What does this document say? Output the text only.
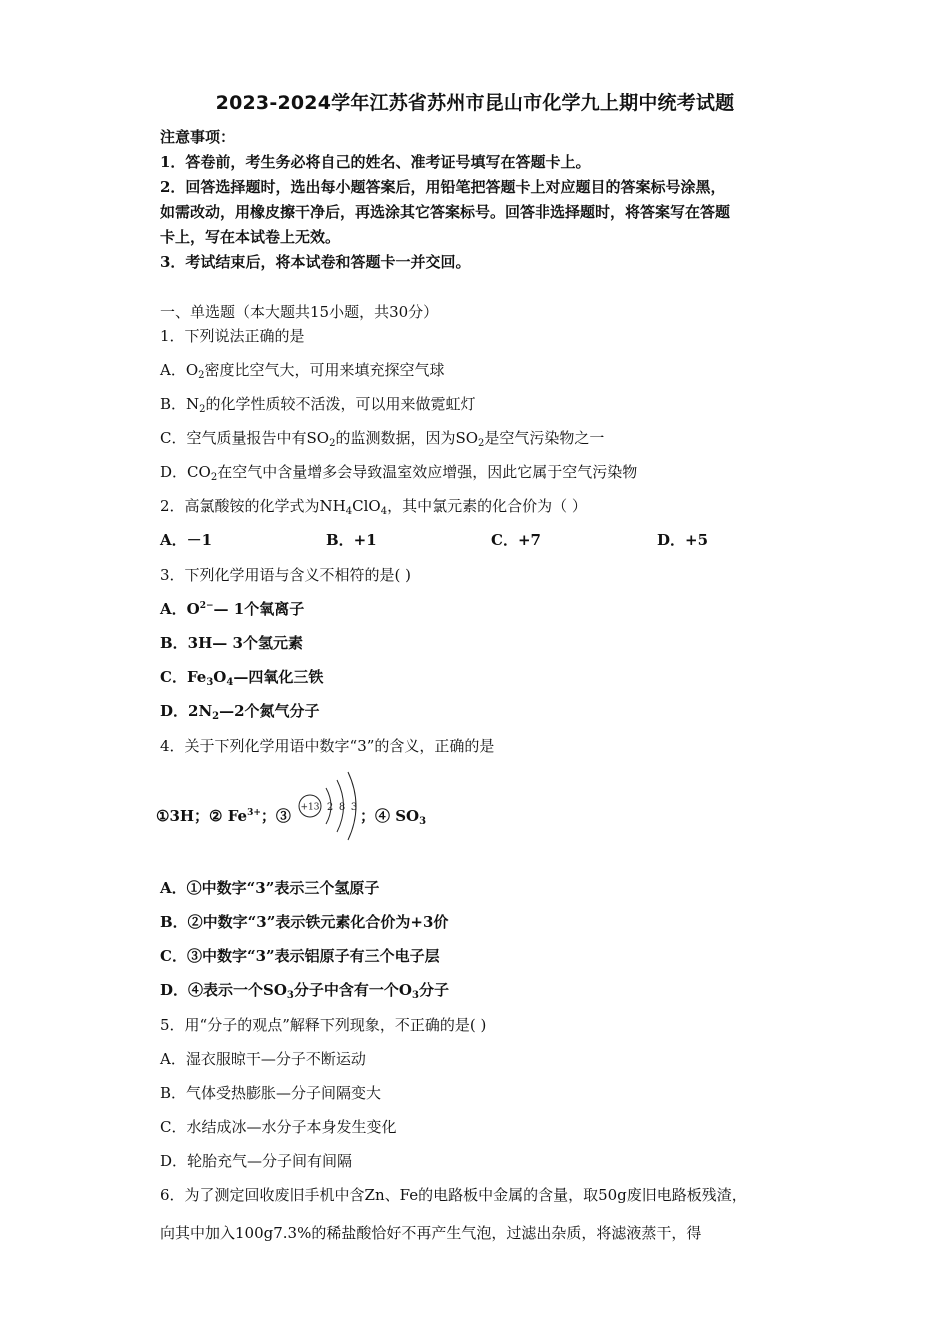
2023-2024学年江苏省苏州市昆山市化学九上期中统考试题
注意事项：
1．答卷前，考生务必将自己的姓名、准考证号填写在答题卡上。
2．回答选择题时，选出每小题答案后，用铅笔把答题卡上对应题目的答案标号涂黑，
如需改动，用橡皮擦干净后，再选涂其它答案标号。回答非选择题时，将答案写在答题
卡上，写在本试卷上无效。
3．考试结束后，将本试卷和答题卡一并交回。
一、单选题（本大题共15小题，共30分）
1．下列说法正确的是
A．$O_2$密度比空气大，可用来填充探空气球
B．$N_2$的化学性质较不活泼，可以用来做霓虹灯
C．空气质量报告中有$SO_2$的监测数据，因为$SO_2$是空气污染物之一
D．$CO_2$在空气中含量增多会导致温室效应增强，因此它属于空气污染物
2．高氯酸铵的化学式为$NH_4ClO_4$，其中氯元素的化合价为（ ）
A．－1	B．+1	C．+7	D．+5
3．下列化学用语与含义不相符的是( )
A．$O^{2-}—$ 1个氧离子
B．3H— 3个氢元素
C．$Fe_3O_4—$四氧化三铁
D．$2N_2—2$个氮气分子
4．关于下列化学用语中数字“3”的含义，正确的是
①3H；② $Fe^{3+}$；③ +13 2 8 3 ；④ $SO_3$
A．①中数字“3”表示三个氢原子
B．②中数字“3”表示铁元素化合价为+3价
C．③中数字“3”表示铝原子有三个电子层
D．④表示一个$SO_3$分子中含有一个$O_3$分子
5．用“分子的观点”解释下列现象，不正确的是( )
A．湿衣服晾干—分子不断运动
B．气体受热膨胀—分子间隔变大
C．水结成冰—水分子本身发生变化
D．轮胎充气—分子间有间隔
6．为了测定回收废旧手机中含Zn、Fe的电路板中金属的含量，取50g废旧电路板残渣，
向其中加入100g7.3%的稀盐酸恰好不再产生气泡，过滤出杂质，将滤液蒸干，得
